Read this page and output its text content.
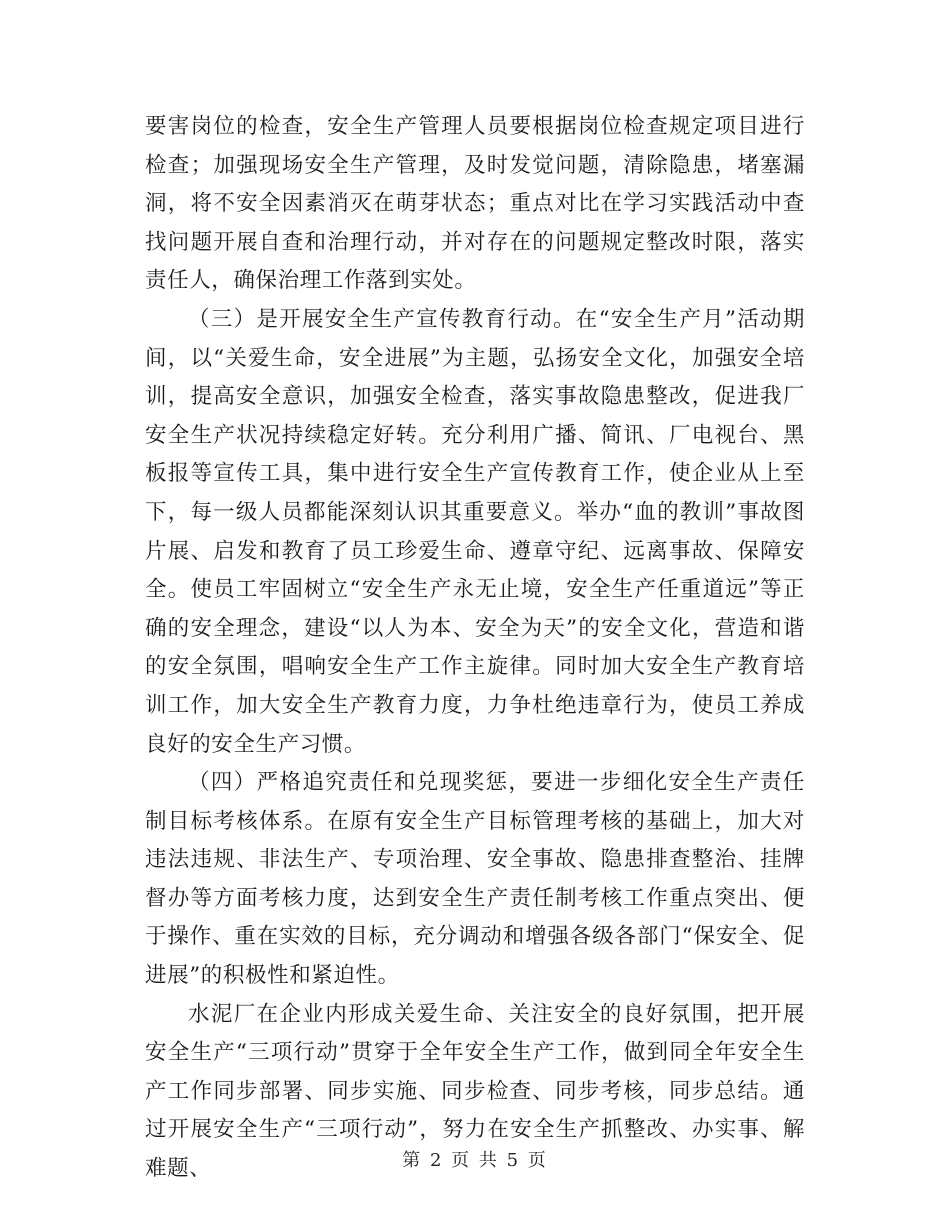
要害岗位的检查，安全生产管理人员要根据岗位检查规定项目进行检查；加强现场安全生产管理，及时发觉问题，清除隐患，堵塞漏洞，将不安全因素消灭在萌芽状态；重点对比在学习实践活动中查找问题开展自查和治理行动，并对存在的问题规定整改时限，落实责任人，确保治理工作落到实处。

（三）是开展安全生产宣传教育行动。在“安全生产月”活动期间，以“关爱生命，安全进展”为主题，弘扬安全文化，加强安全培训，提高安全意识，加强安全检查，落实事故隐患整改，促进我厂安全生产状况持续稳定好转。充分利用广播、简讯、厂电视台、黑板报等宣传工具，集中进行安全生产宣传教育工作，使企业从上至下，每一级人员都能深刻认识其重要意义。举办“血的教训”事故图片展、启发和教育了员工珍爱生命、遵章守纪、远离事故、保障安全。使员工牢固树立“安全生产永无止境，安全生产任重道远”等正确的安全理念，建设“以人为本、安全为天”的安全文化，营造和谐的安全氛围，唱响安全生产工作主旋律。同时加大安全生产教育培训工作，加大安全生产教育力度，力争杜绝违章行为，使员工养成良好的安全生产习惯。

（四）严格追究责任和兑现奖惩，要进一步细化安全生产责任制目标考核体系。在原有安全生产目标管理考核的基础上，加大对违法违规、非法生产、专项治理、安全事故、隐患排查整治、挂牌督办等方面考核力度，达到安全生产责任制考核工作重点突出、便于操作、重在实效的目标，充分调动和增强各级各部门“保安全、促进展”的积极性和紧迫性。

水泥厂在企业内形成关爱生命、关注安全的良好氛围，把开展安全生产“三项行动”贯穿于全年安全生产工作，做到同全年安全生产工作同步部署、同步实施、同步检查、同步考核，同步总结。通过开展安全生产“三项行动”，努力在安全生产抓整改、办实事、解难题、	第 2 页 共 5 页
